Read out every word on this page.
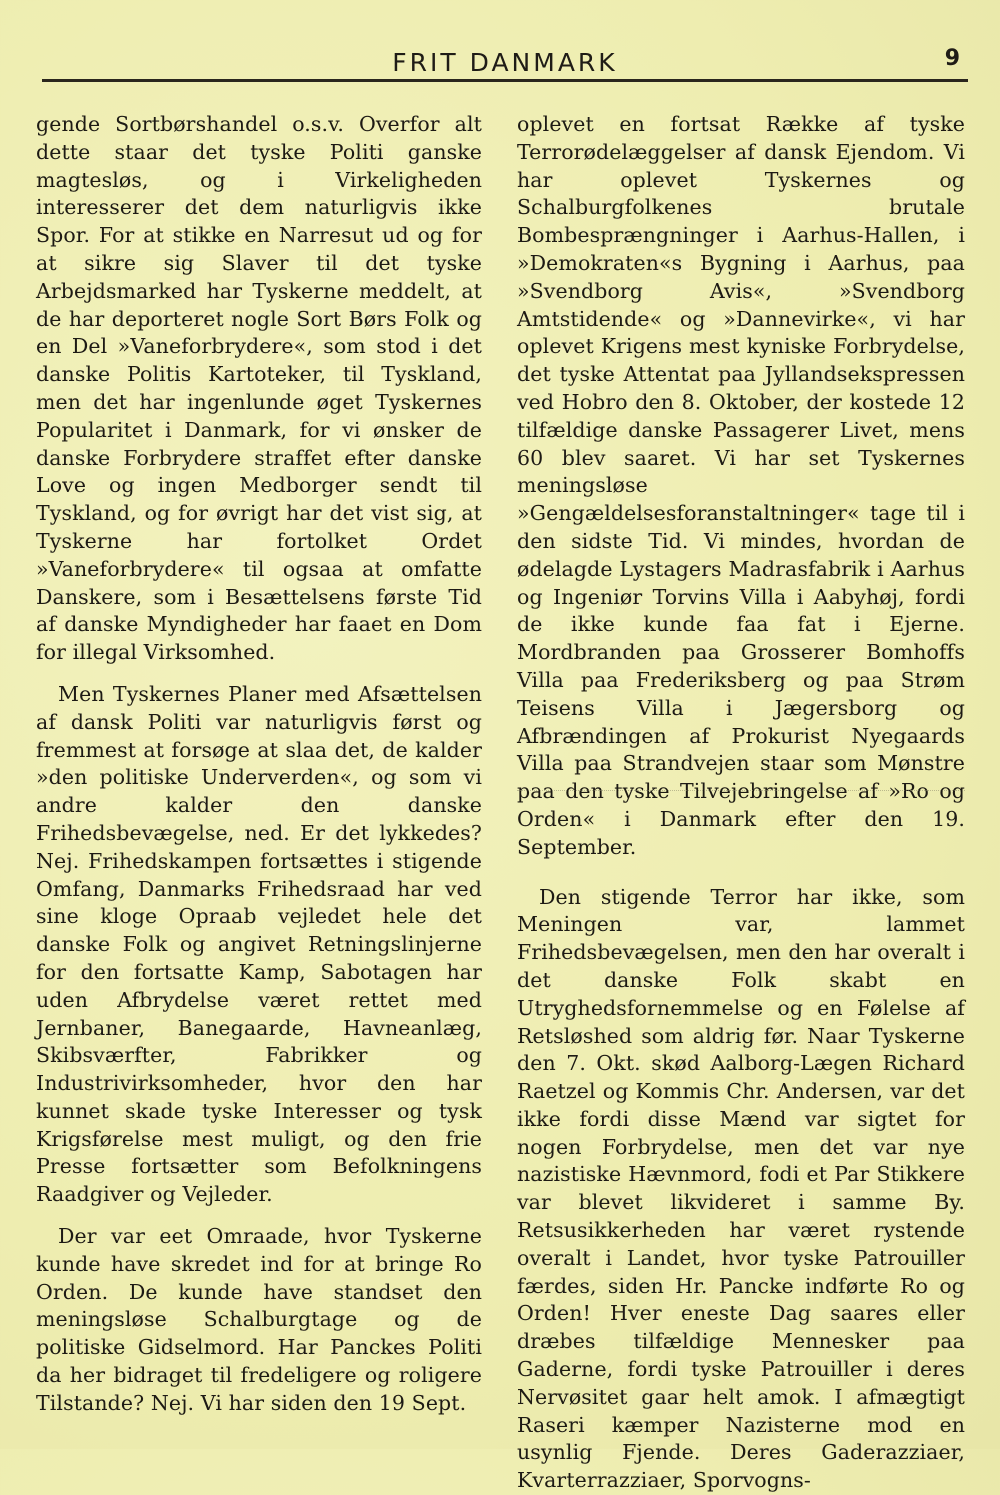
FRIT DANMARK	9

gende Sortbørshandel o.s.v. Overfor alt dette staar det tyske Politi ganske magtesløs, og i Virkeligheden interesserer det dem naturligvis ikke Spor. For at stikke en Narresut ud og for at sikre sig Slaver til det tyske Arbejdsmarked har Tyskerne meddelt, at de har deporteret nogle Sort Børs Folk og en Del »Vaneforbrydere«, som stod i det danske Politis Kartoteker, til Tyskland, men det har ingenlunde øget Tyskernes Popularitet i Danmark, for vi ønsker de danske Forbrydere straffet efter danske Love og ingen Medborger sendt til Tyskland, og for øvrigt har det vist sig, at Tyskerne har fortolket Ordet »Vaneforbrydere« til ogsaa at omfatte Danskere, som i Besættelsens første Tid af danske Myndigheder har faaet en Dom for illegal Virksomhed.

Men Tyskernes Planer med Afsættelsen af dansk Politi var naturligvis først og fremmest at forsøge at slaa det, de kalder »den politiske Underverden«, og som vi andre kalder den danske Frihedsbevægelse, ned. Er det lykkedes? Nej. Frihedskampen fortsættes i stigende Omfang, Danmarks Frihedsraad har ved sine kloge Opraab vejledet hele det danske Folk og angivet Retningslinjerne for den fortsatte Kamp, Sabotagen har uden Afbrydelse været rettet med Jernbaner, Banegaarde, Havneanlæg, Skibsværfter, Fabrikker og Industrivirksomheder, hvor den har kunnet skade tyske Interesser og tysk Krigsførelse mest muligt, og den frie Presse fortsætter som Befolkningens Raadgiver og Vejleder.

Der var eet Omraade, hvor Tyskerne kunde have skredet ind for at bringe Ro Orden. De kunde have standset den meningsløse Schalburgtage og de politiske Gidselmord. Har Panckes Politi da her bidraget til fredeligere og roligere Tilstande? Nej. Vi har siden den 19 Sept.

oplevet en fortsat Række af tyske Terrorødelæggelser af dansk Ejendom. Vi har oplevet Tyskernes og Schalburgfolkenes brutale Bombesprængninger i Aarhus-Hallen, i »Demokraten«s Bygning i Aarhus, paa »Svendborg Avis«, »Svendborg Amtstidende« og »Dannevirke«, vi har oplevet Krigens mest kyniske Forbrydelse, det tyske Attentat paa Jyllandsekspressen ved Hobro den 8. Oktober, der kostede 12 tilfældige danske Passagerer Livet, mens 60 blev saaret. Vi har set Tyskernes meningsløse »Gengældelsesforanstaltninger« tage til i den sidste Tid. Vi mindes, hvordan de ødelagde Lystagers Madrasfabrik i Aarhus og Ingeniør Torvins Villa i Aabyhøj, fordi de ikke kunde faa fat i Ejerne. Mordbranden paa Grosserer Bomhoffs Villa paa Frederiksberg og paa Strøm Teisens Villa i Jægersborg og Afbrændingen af Prokurist Nyegaards Villa paa Strandvejen staar som Mønstre paa den tyske Tilvejebringelse af »Ro og Orden« i Danmark efter den 19. September.

Den stigende Terror har ikke, som Meningen var, lammet Frihedsbevægelsen, men den har overalt i det danske Folk skabt en Utryghedsfornemmelse og en Følelse af Retsløshed som aldrig før. Naar Tyskerne den 7. Okt. skød Aalborg-Lægen Richard Raetzel og Kommis Chr. Andersen, var det ikke fordi disse Mænd var sigtet for nogen Forbrydelse, men det var nye nazistiske Hævnmord, fodi et Par Stikkere var blevet likvideret i samme By. Retsusikkerheden har været rystende overalt i Landet, hvor tyske Patrouiller færdes, siden Hr. Pancke indførte Ro og Orden! Hver eneste Dag saares eller dræbes tilfældige Mennesker paa Gaderne, fordi tyske Patrouiller i deres Nervøsitet gaar helt amok. I afmægtigt Raseri kæmper Nazisterne mod en usynlig Fjende. Deres Gaderazziaer, Kvarterrazziaer, Sporvogns-
